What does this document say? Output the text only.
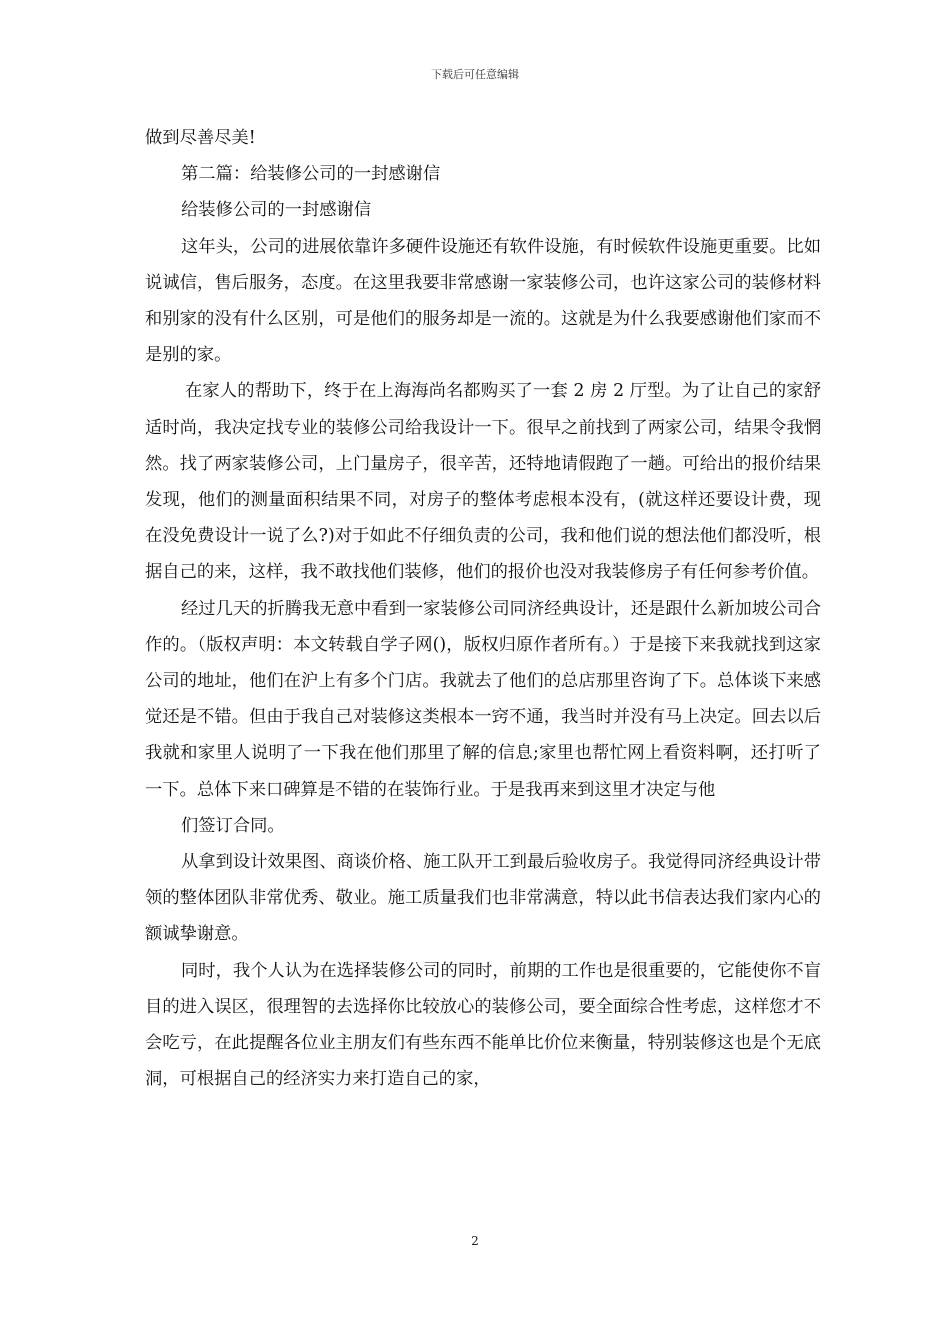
下载后可任意编辑

做到尽善尽美!

第二篇：给装修公司的一封感谢信

给装修公司的一封感谢信

这年头，公司的进展依靠许多硬件设施还有软件设施，有时候软件设施更重要。比如说诚信，售后服务，态度。在这里我要非常感谢一家装修公司，也许这家公司的装修材料和别家的没有什么区别，可是他们的服务却是一流的。这就是为什么我要感谢他们家而不是别的家。

在家人的帮助下，终于在上海海尚名都购买了一套 2 房 2 厅型。为了让自己的家舒适时尚，我决定找专业的装修公司给我设计一下。很早之前找到了两家公司，结果令我惘然。找了两家装修公司，上门量房子，很辛苦，还特地请假跑了一趟。可给出的报价结果发现，他们的测量面积结果不同，对房子的整体考虑根本没有，(就这样还要设计费，现在没免费设计一说了么?)对于如此不仔细负责的公司，我和他们说的想法他们都没听，根据自己的来，这样，我不敢找他们装修，他们的报价也没对我装修房子有任何参考价值。

经过几天的折腾我无意中看到一家装修公司同济经典设计，还是跟什么新加坡公司合作的。（版权声明：本文转载自学子网()，版权归原作者所有。）于是接下来我就找到这家公司的地址，他们在沪上有多个门店。我就去了他们的总店那里咨询了下。总体谈下来感觉还是不错。但由于我自己对装修这类根本一窍不通，我当时并没有马上决定。回去以后我就和家里人说明了一下我在他们那里了解的信息;家里也帮忙网上看资料啊，还打听了一下。总体下来口碑算是不错的在装饰行业。于是我再来到这里才决定与他

们签订合同。

从拿到设计效果图、商谈价格、施工队开工到最后验收房子。我觉得同济经典设计带领的整体团队非常优秀、敬业。施工质量我们也非常满意，特以此书信表达我们家内心的额诚挚谢意。

同时，我个人认为在选择装修公司的同时，前期的工作也是很重要的，它能使你不盲目的进入误区，很理智的去选择你比较放心的装修公司，要全面综合性考虑，这样您才不会吃亏，在此提醒各位业主朋友们有些东西不能单比价位来衡量，特别装修这也是个无底洞，可根据自己的经济实力来打造自己的家，

2
